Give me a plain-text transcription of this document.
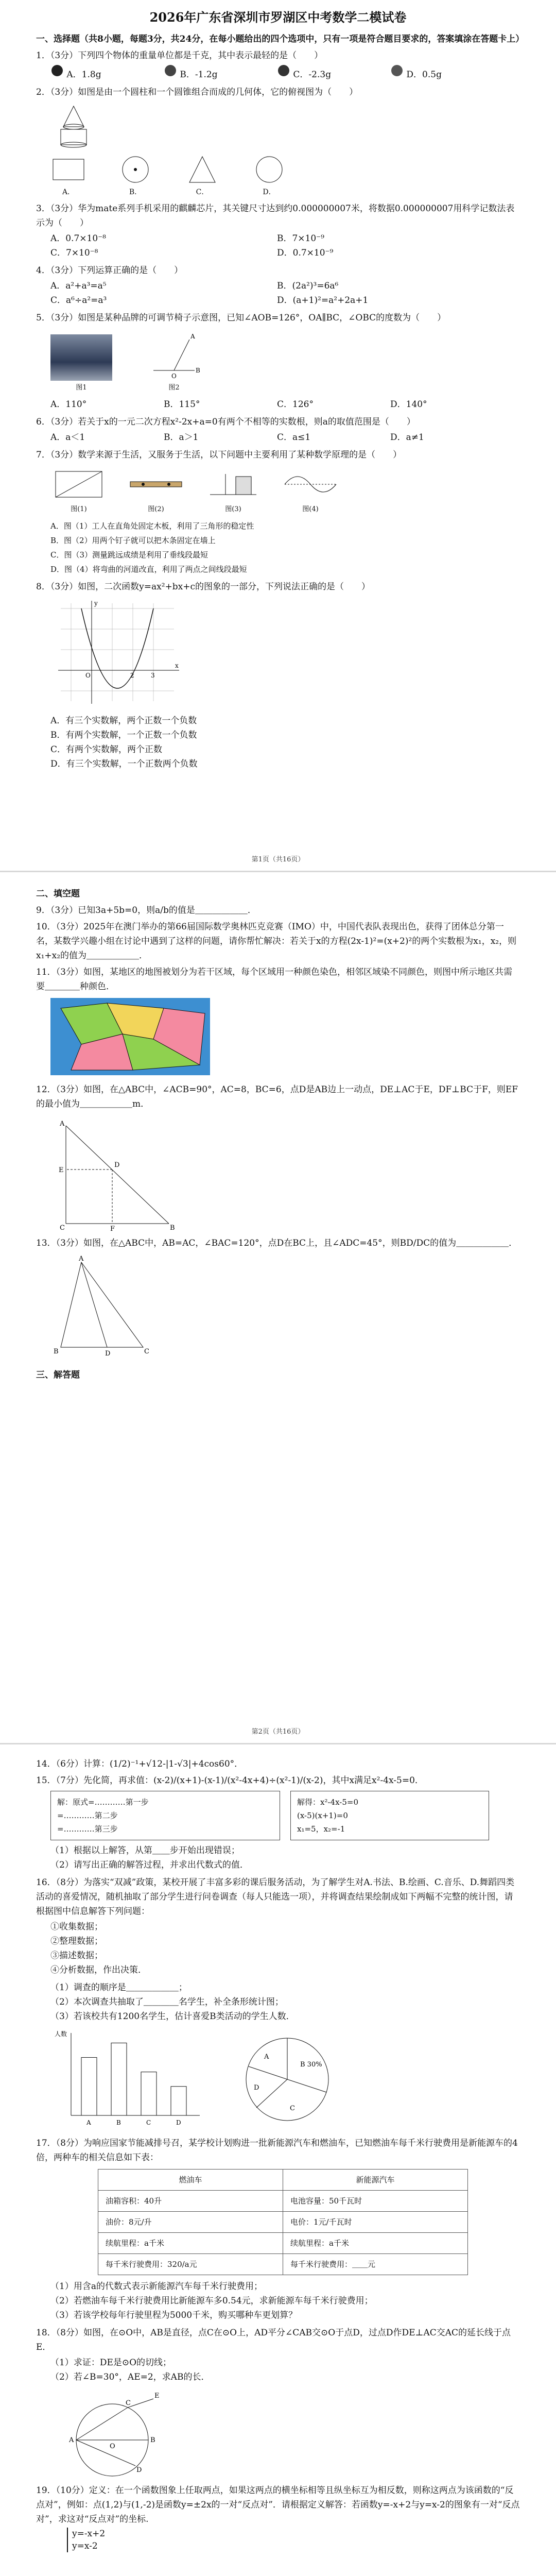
2026年广东省深圳市罗湖区中考数学二模试卷
一、选择题（共8小题，每题3分，共24分，在每小题给出的四个选项中，只有一项是符合题目要求的，答案填涂在答题卡上）
1．（3分）下列四个物体的重量单位都是千克，其中表示最轻的是（　　）
A．1.8g	B．-1.2g	C．-2.3g	D．0.5g
2．（3分）如图是由一个圆柱和一个圆锥组合而成的几何体，它的俯视图为（　　）
A．	B．	C．	D．
3．（3分）华为mate系列手机采用的麒麟芯片，其关键尺寸达到约0.000000007米，将数据0.000000007用科学记数法表示为（　　）
A．0.7×10⁻⁸	B．7×10⁻⁹
C．7×10⁻⁸	D．0.7×10⁻⁹
4．（3分）下列运算正确的是（　　）
A．a²+a³=a⁵	B．(2a²)³=6a⁶
C．a⁶÷a²=a³	D．(a+1)²=a²+2a+1
5．（3分）如图是某种品牌的可调节椅子示意图，已知∠AOB=126°，OA∥BC，∠OBC的度数为（　　）
图1
O
A
B
图2
A．110°	B．115°	C．126°	D．140°
6．（3分）若关于x的一元二次方程x²-2x+a=0有两个不相等的实数根，则a的取值范围是（　　）
A．a＜1	B．a＞1	C．a≤1	D．a≠1
7．（3分）数学来源于生活，又服务于生活，以下问题中主要利用了某种数学原理的是（　　）
图(1)	图(2)	图(3)	图(4)
A．图（1）工人在直角处固定木板，利用了三角形的稳定性
B．图（2）用两个钉子就可以把木条固定在墙上
C．图（3）测量跳远成绩是利用了垂线段最短
D．图（4）将弯曲的河道改直，利用了两点之间线段最短
8．（3分）如图，二次函数y=ax²+bx+c的图象的一部分，下列说法正确的是（　　）
x
y
O	2	3
A．有三个实数解，两个正数一个负数
B．有两个实数解，一个正数一个负数
C．有两个实数解，两个正数
D．有三个实数解，一个正数两个负数
第1页（共16页）
二、填空题
9．（3分）已知3a+5b=0，则a/b的值是＿＿＿＿＿＿．
10．（3分）2025年在澳门举办的第66届国际数学奥林匹克竞赛（IMO）中，中国代表队表现出色，获得了团体总分第一名，某数学兴趣小组在讨论中遇到了这样的问题，请你帮忙解决：若关于x的方程(2x-1)²=(x+2)²的两个实数根为x₁，x₂，则x₁+x₂的值为＿＿＿＿＿＿．
11．（3分）如图，某地区的地图被划分为若干区域，每个区域用一种颜色染色，相邻区域染不同颜色，则图中所示地区共需要＿＿＿＿种颜色．
12．（3分）如图，在△ABC中，∠ACB=90°，AC=8，BC=6，点D是AB边上一动点，DE⊥AC于E，DF⊥BC于F，则EF的最小值为＿＿＿＿＿＿m．
A
B
C
D
E
F
13．（3分）如图，在△ABC中，AB=AC，∠BAC=120°，点D在BC上，且∠ADC=45°，则BD/DC的值为＿＿＿＿＿＿．
A
B	C
D
三、解答题
第2页（共16页）
14．（6分）计算：(1/2)⁻¹+√12-|1-√3|+4cos60°．
15．（7分）先化简，再求值：(x-2)/(x+1)-(x-1)/(x²-4x+4)÷(x²-1)/(x-2)，其中x满足x²-4x-5=0．
解：原式=…………第一步
=…………第二步
=…………第三步
解得：x²-4x-5=0
(x-5)(x+1)=0
x₁=5，x₂=-1
（1）根据以上解答，从第＿＿步开始出现错误；
（2）请写出正确的解答过程，并求出代数式的值．
16．（8分）为落实“双减”政策，某校开展了丰富多彩的课后服务活动，为了解学生对A.书法、B.绘画、C.音乐、D.舞蹈四类活动的喜爱情况，随机抽取了部分学生进行问卷调查（每人只能选一项），并将调查结果绘制成如下两幅不完整的统计图，请根据图中信息解答下列问题：
①收集数据；
②整理数据；
③描述数据；
④分析数据，作出决策．
（1）调查的顺序是＿＿＿＿＿＿；
（2）本次调查共抽取了＿＿＿＿名学生，补全条形统计图；
（3）若该校共有1200名学生，估计喜爱B类活动的学生人数．
人数
A	B	C	D
A
B 30%
C
D
17．（8分）为响应国家节能减排号召，某学校计划购进一批新能源汽车和燃油车，已知燃油车每千米行驶费用是新能源车的4倍，两种车的相关信息如下表：
燃油车	新能源汽车
油箱容积：40升	电池容量：50千瓦时
油价：8元/升	电价：1元/千瓦时
续航里程：a千米	续航里程：a千米
每千米行驶费用：320/a元	每千米行驶费用：＿＿元
（1）用含a的代数式表示新能源汽车每千米行驶费用；
（2）若燃油车每千米行驶费用比新能源车多0.54元，求新能源车每千米行驶费用；
（3）若该学校每年行驶里程为5000千米，购买哪种车更划算？
18．（8分）如图，在⊙O中，AB是直径，点C在⊙O上，AD平分∠CAB交⊙O于点D，过点D作DE⊥AC交AC的延长线于点E．
（1）求证：DE是⊙O的切线；
（2）若∠B=30°，AE=2，求AB的长．
A	B
C
D
E
O
19．（10分）定义：在一个函数图象上任取两点，如果这两点的横坐标相等且纵坐标互为相反数，则称这两点为该函数的“反点对”，例如：点(1,2)与(1,-2)是函数y=±2x的一对“反点对”．请根据定义解答：若函数y=-x+2与y=x-2的图象有一对“反点对”，求这对“反点对”的坐标.
y=-x+2
y=x-2
